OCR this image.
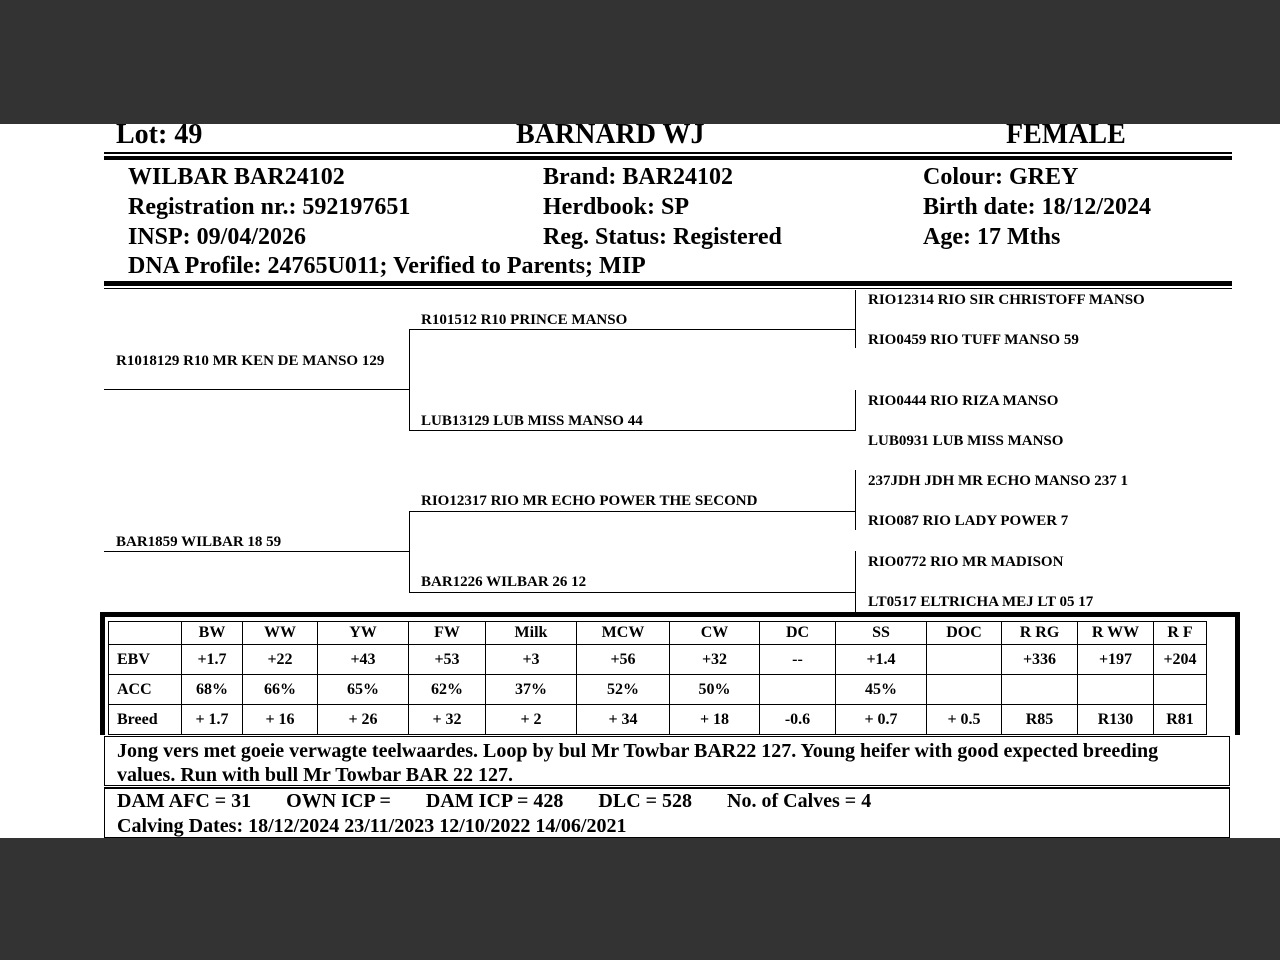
Lot: 49	BARNARD WJ	FEMALE
WILBAR BAR24102
Registration nr.: 592197651
INSP: 09/04/2026
DNA Profile: 24765U011; Verified to Parents; MIP
Brand: BAR24102
Herdbook: SP
Reg. Status: Registered
Colour: GREY
Birth date: 18/12/2024
Age: 17 Mths
R1018129 R10 MR KEN DE MANSO 129
BAR1859 WILBAR 18 59
R101512 R10 PRINCE MANSO
LUB13129 LUB MISS MANSO 44
RIO12317 RIO MR ECHO POWER THE SECOND
BAR1226 WILBAR 26 12
RIO12314 RIO SIR CHRISTOFF MANSO
RIO0459 RIO TUFF MANSO 59
RIO0444 RIO RIZA MANSO
LUB0931 LUB MISS MANSO
237JDH JDH MR ECHO MANSO 237 1
RIO087 RIO LADY POWER 7
RIO0772 RIO MR MADISON
LT0517 ELTRICHA MEJ LT 05 17
	BW	WW	YW	FW	Milk	MCW	CW	DC	SS	DOC	R RG	R WW	R F
EBV	+1.7	+22	+43	+53	+3	+56	+32	--	+1.4		+336	+197	+204
ACC	68%	66%	65%	62%	37%	52%	50%		45%				
Breed	+ 1.7	+ 16	+ 26	+ 32	+ 2	+ 34	+ 18	-0.6	+ 0.7	+ 0.5	R85	R130	R81
Jong vers met goeie verwagte teelwaardes. Loop by bul Mr Towbar BAR22 127. Young heifer with good expected breeding values. Run with bull Mr Towbar BAR 22 127.
DAM AFC = 31 OWN ICP = DAM ICP = 428 DLC = 528 No. of Calves = 4
Calving Dates: 18/12/2024 23/11/2023 12/10/2022 14/06/2021
